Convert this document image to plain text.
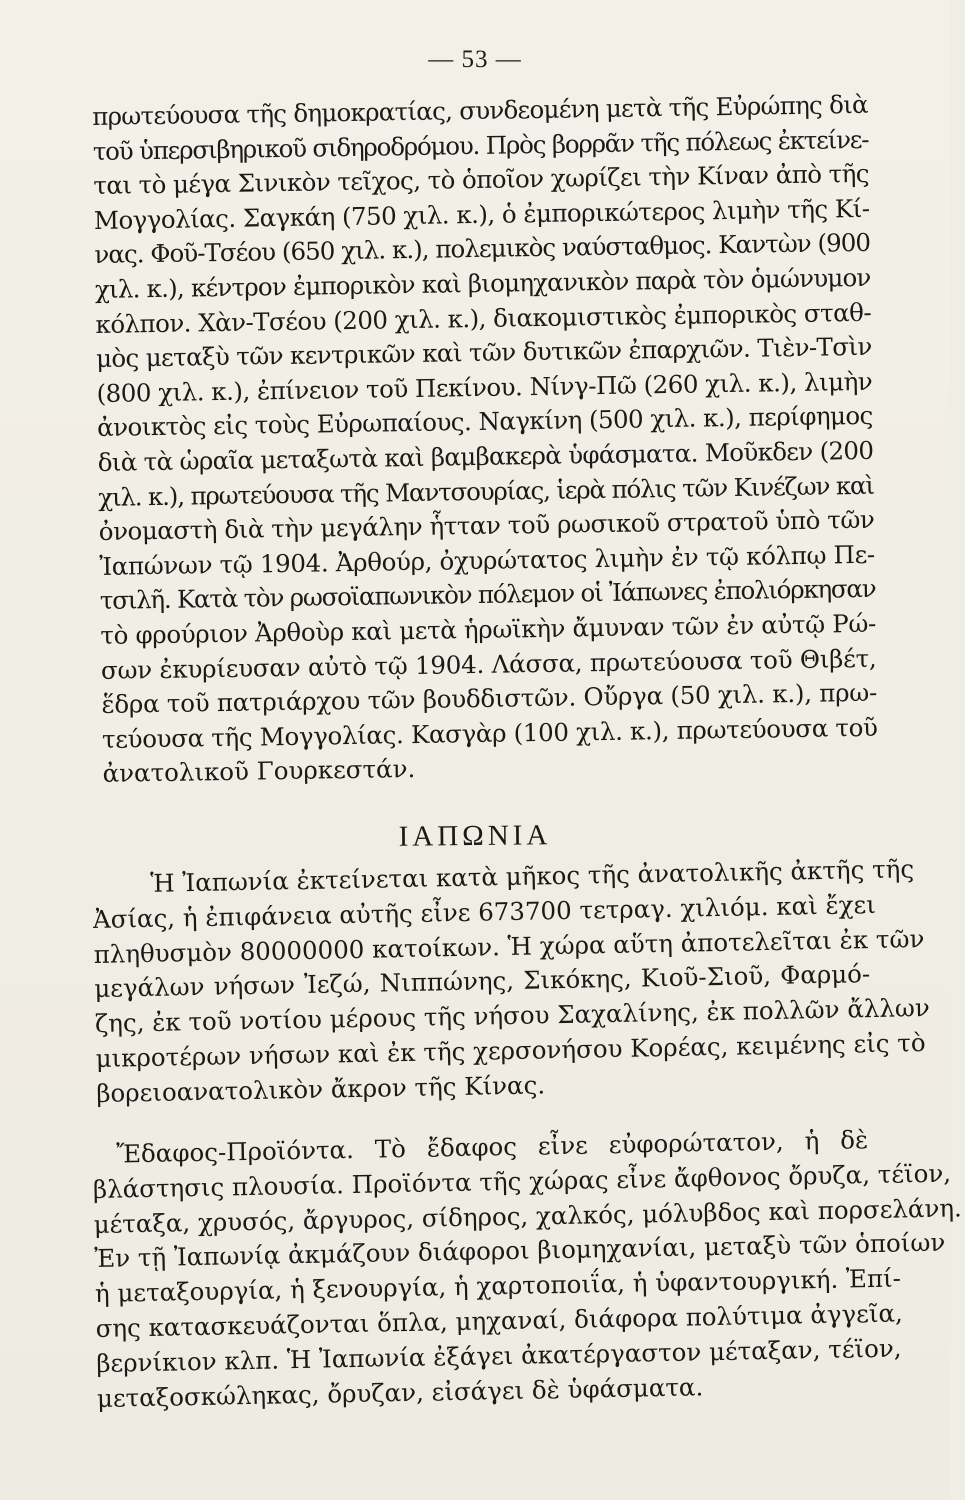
— 53 —
πρωτεύουσα τῆς δημοκρατίας, συνδεομένη μετὰ τῆς Εὐρώπης διὰ
τοῦ ὑπερσιβηρικοῦ σιδηροδρόμου. Πρὸς βορρᾶν τῆς πόλεως ἐκτείνε-
ται τὸ μέγα Σινικὸν τεῖχος, τὸ ὁποῖον χωρίζει τὴν Κίναν ἀπὸ τῆς
Μογγολίας. Σαγκάη (750 χιλ. κ.), ὁ ἐμπορικώτερος λιμὴν τῆς Κί-
νας. Φοῦ-Τσέου (650 χιλ. κ.), πολεμικὸς ναύσταθμος. Καντὼν (900
χιλ. κ.), κέντρον ἐμπορικὸν καὶ βιομηχανικὸν παρὰ τὸν ὁμώνυμον
κόλπον. Χὰν-Τσέου (200 χιλ. κ.), διακομιστικὸς ἐμπορικὸς σταθ-
μὸς μεταξὺ τῶν κεντρικῶν καὶ τῶν δυτικῶν ἐπαρχιῶν. Τιὲν-Τσὶν
(800 χιλ. κ.), ἐπίνειον τοῦ Πεκίνου. Νίνγ-Πῶ (260 χιλ. κ.), λιμὴν
ἀνοικτὸς εἰς τοὺς Εὐρωπαίους. Ναγκίνη (500 χιλ. κ.), περίφημος
διὰ τὰ ὡραῖα μεταξωτὰ καὶ βαμβακερὰ ὑφάσματα. Μοῦκδεν (200
χιλ. κ.), πρωτεύουσα τῆς Μαντσουρίας, ἱερὰ πόλις τῶν Κινέζων καὶ
ὀνομαστὴ διὰ τὴν μεγάλην ἧτταν τοῦ ρωσικοῦ στρατοῦ ὑπὸ τῶν
Ἰαπώνων τῷ 1904. Ἀρθούρ, ὀχυρώτατος λιμὴν ἐν τῷ κόλπῳ Πε-
τσιλῆ. Κατὰ τὸν ρωσοϊαπωνικὸν πόλεμον οἱ Ἰάπωνες ἐπολιόρκησαν
τὸ φρούριον Ἀρθοὺρ καὶ μετὰ ἡρωϊκὴν ἄμυναν τῶν ἐν αὐτῷ Ρώ-
σων ἐκυρίευσαν αὐτὸ τῷ 1904. Λάσσα, πρωτεύουσα τοῦ Θιβέτ,
ἕδρα τοῦ πατριάρχου τῶν βουδδιστῶν. Οὔργα (50 χιλ. κ.), πρω-
τεύουσα τῆς Μογγολίας. Κασγὰρ (100 χιλ. κ.), πρωτεύουσα τοῦ
ἀνατολικοῦ Γουρκεστάν.
ΙΑΠΩΝΙΑ
Ἡ Ἰαπωνία ἐκτείνεται κατὰ μῆκος τῆς ἀνατολικῆς ἀκτῆς τῆς
Ἀσίας, ἡ ἐπιφάνεια αὐτῆς εἶνε 673700 τετραγ. χιλιόμ. καὶ ἔχει
πληθυσμὸν 80000000 κατοίκων. Ἡ χώρα αὕτη ἀποτελεῖται ἐκ τῶν
μεγάλων νήσων Ἰεζώ, Νιππώνης, Σικόκης, Κιοῦ-Σιοῦ, Φαρμό-
ζης, ἐκ τοῦ νοτίου μέρους τῆς νήσου Σαχαλίνης, ἐκ πολλῶν ἄλλων
μικροτέρων νήσων καὶ ἐκ τῆς χερσονήσου Κορέας, κειμένης εἰς τὸ
βορειοανατολικὸν ἄκρον τῆς Κίνας.
Ἔδαφος-Προϊόντα. Τὸ ἔδαφος εἶνε εὐφορώτατον, ἡ δὲ
βλάστησις πλουσία. Προϊόντα τῆς χώρας εἶνε ἄφθονος ὄρυζα, τέϊον,
μέταξα, χρυσός, ἄργυρος, σίδηρος, χαλκός, μόλυβδος καὶ πορσελάνη.
Ἐν τῇ Ἰαπωνίᾳ ἀκμάζουν διάφοροι βιομηχανίαι, μεταξὺ τῶν ὁποίων
ἡ μεταξουργία, ἡ ξενουργία, ἡ χαρτοποιΐα, ἡ ὑφαντουργική. Ἐπί-
σης κατασκευάζονται ὅπλα, μηχαναί, διάφορα πολύτιμα ἀγγεῖα,
βερνίκιον κλπ. Ἡ Ἰαπωνία ἐξάγει ἀκατέργαστον μέταξαν, τέϊον,
μεταξοσκώληκας, ὄρυζαν, εἰσάγει δὲ ὑφάσματα.
